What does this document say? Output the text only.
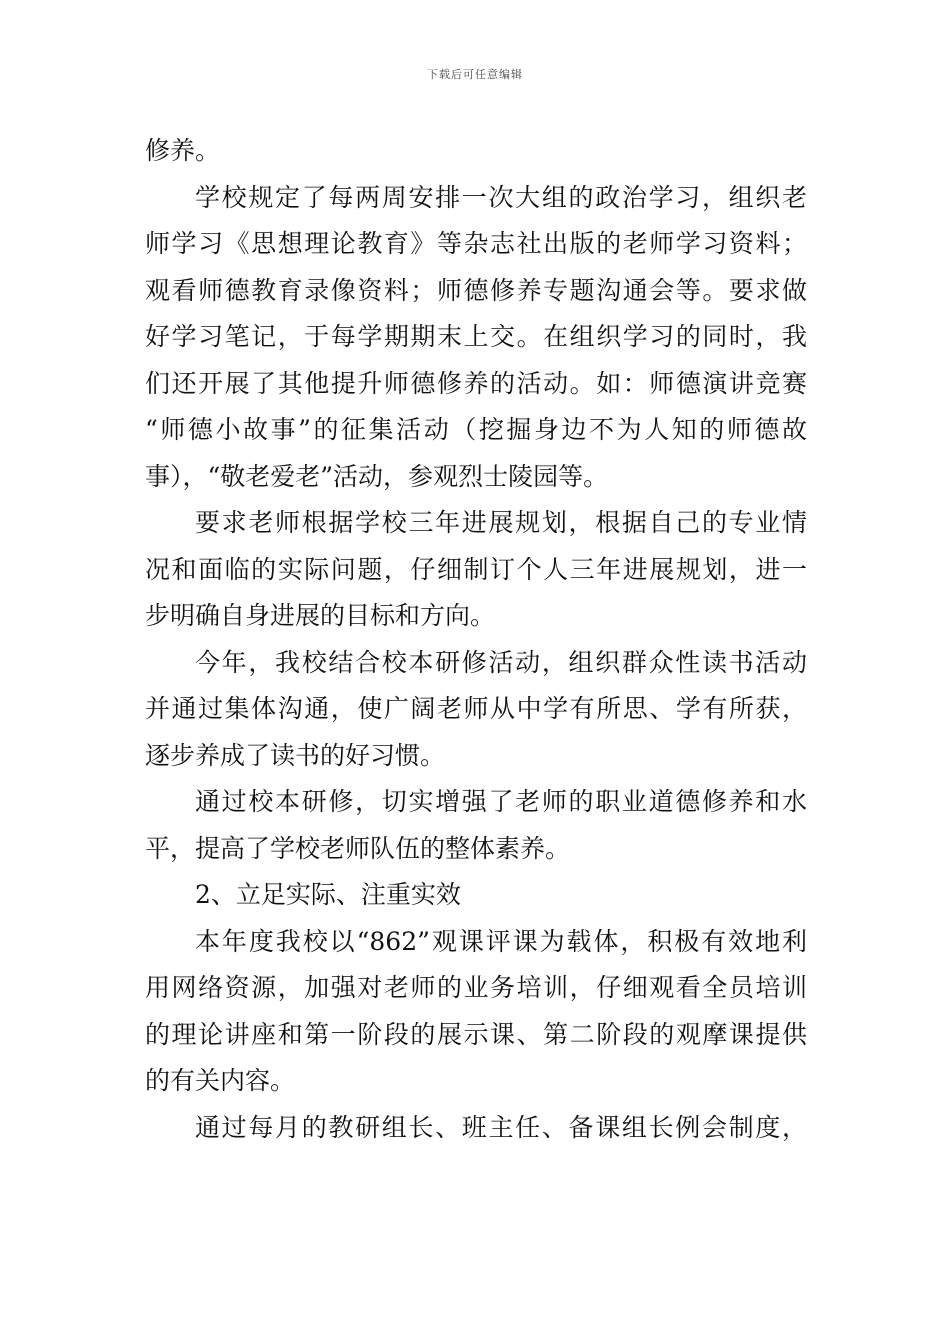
下载后可任意编辑
修养。
学校规定了每两周安排一次大组的政治学习，组织老
师学习《思想理论教育》等杂志社出版的老师学习资料；
观看师德教育录像资料；师德修养专题沟通会等。要求做
好学习笔记，于每学期期末上交。在组织学习的同时，我
们还开展了其他提升师德修养的活动。如：师德演讲竞赛
“师德小故事”的征集活动（挖掘身边不为人知的师德故
事），“敬老爱老”活动，参观烈士陵园等。
要求老师根据学校三年进展规划，根据自己的专业情
况和面临的实际问题，仔细制订个人三年进展规划，进一
步明确自身进展的目标和方向。
今年，我校结合校本研修活动，组织群众性读书活动
并通过集体沟通，使广阔老师从中学有所思、学有所获，
逐步养成了读书的好习惯。
通过校本研修，切实增强了老师的职业道德修养和水
平，提高了学校老师队伍的整体素养。
2、立足实际、注重实效
本年度我校以“862”观课评课为载体，积极有效地利
用网络资源，加强对老师的业务培训，仔细观看全员培训
的理论讲座和第一阶段的展示课、第二阶段的观摩课提供
的有关内容。
通过每月的教研组长、班主任、备课组长例会制度，
